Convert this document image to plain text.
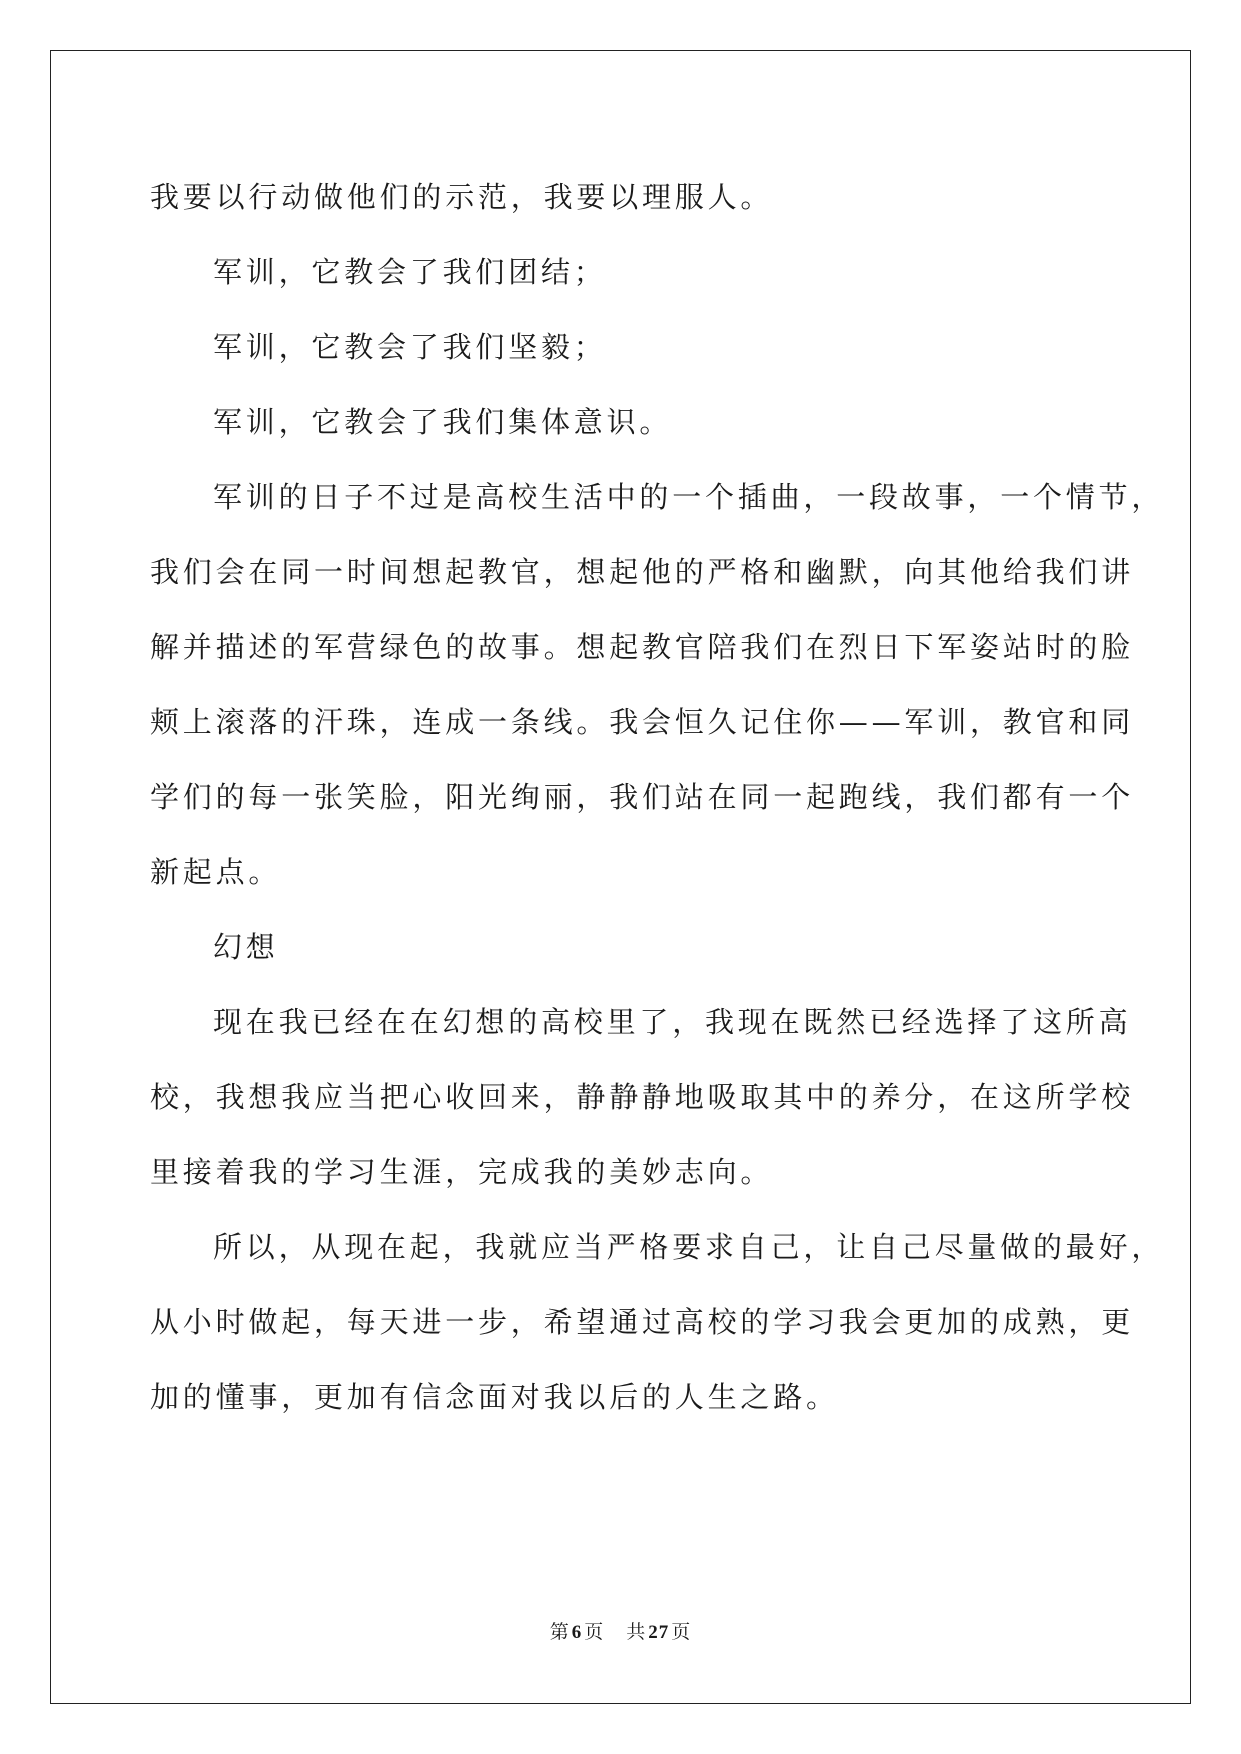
我要以行动做他们的示范，我要以理服人。

军训，它教会了我们团结；

军训，它教会了我们坚毅；

军训，它教会了我们集体意识。

军训的日子不过是高校生活中的一个插曲，一段故事，一个情节，

我们会在同一时间想起教官，想起他的严格和幽默，向其他给我们讲
解并描述的军营绿色的故事。想起教官陪我们在烈日下军姿站时的脸
颊上滚落的汗珠，连成一条线。我会恒久记住你——军训，教官和同
学们的每一张笑脸，阳光绚丽，我们站在同一起跑线，我们都有一个
新起点。

幻想

现在我已经在在幻想的高校里了，我现在既然已经选择了这所高

校，我想我应当把心收回来，静静静地吸取其中的养分，在这所学校
里接着我的学习生涯，完成我的美妙志向。

所以，从现在起，我就应当严格要求自己，让自己尽量做的最好，

从小时做起，每天进一步，希望通过高校的学习我会更加的成熟，更
加的懂事，更加有信念面对我以后的人生之路。

第 6 页 共 27 页
